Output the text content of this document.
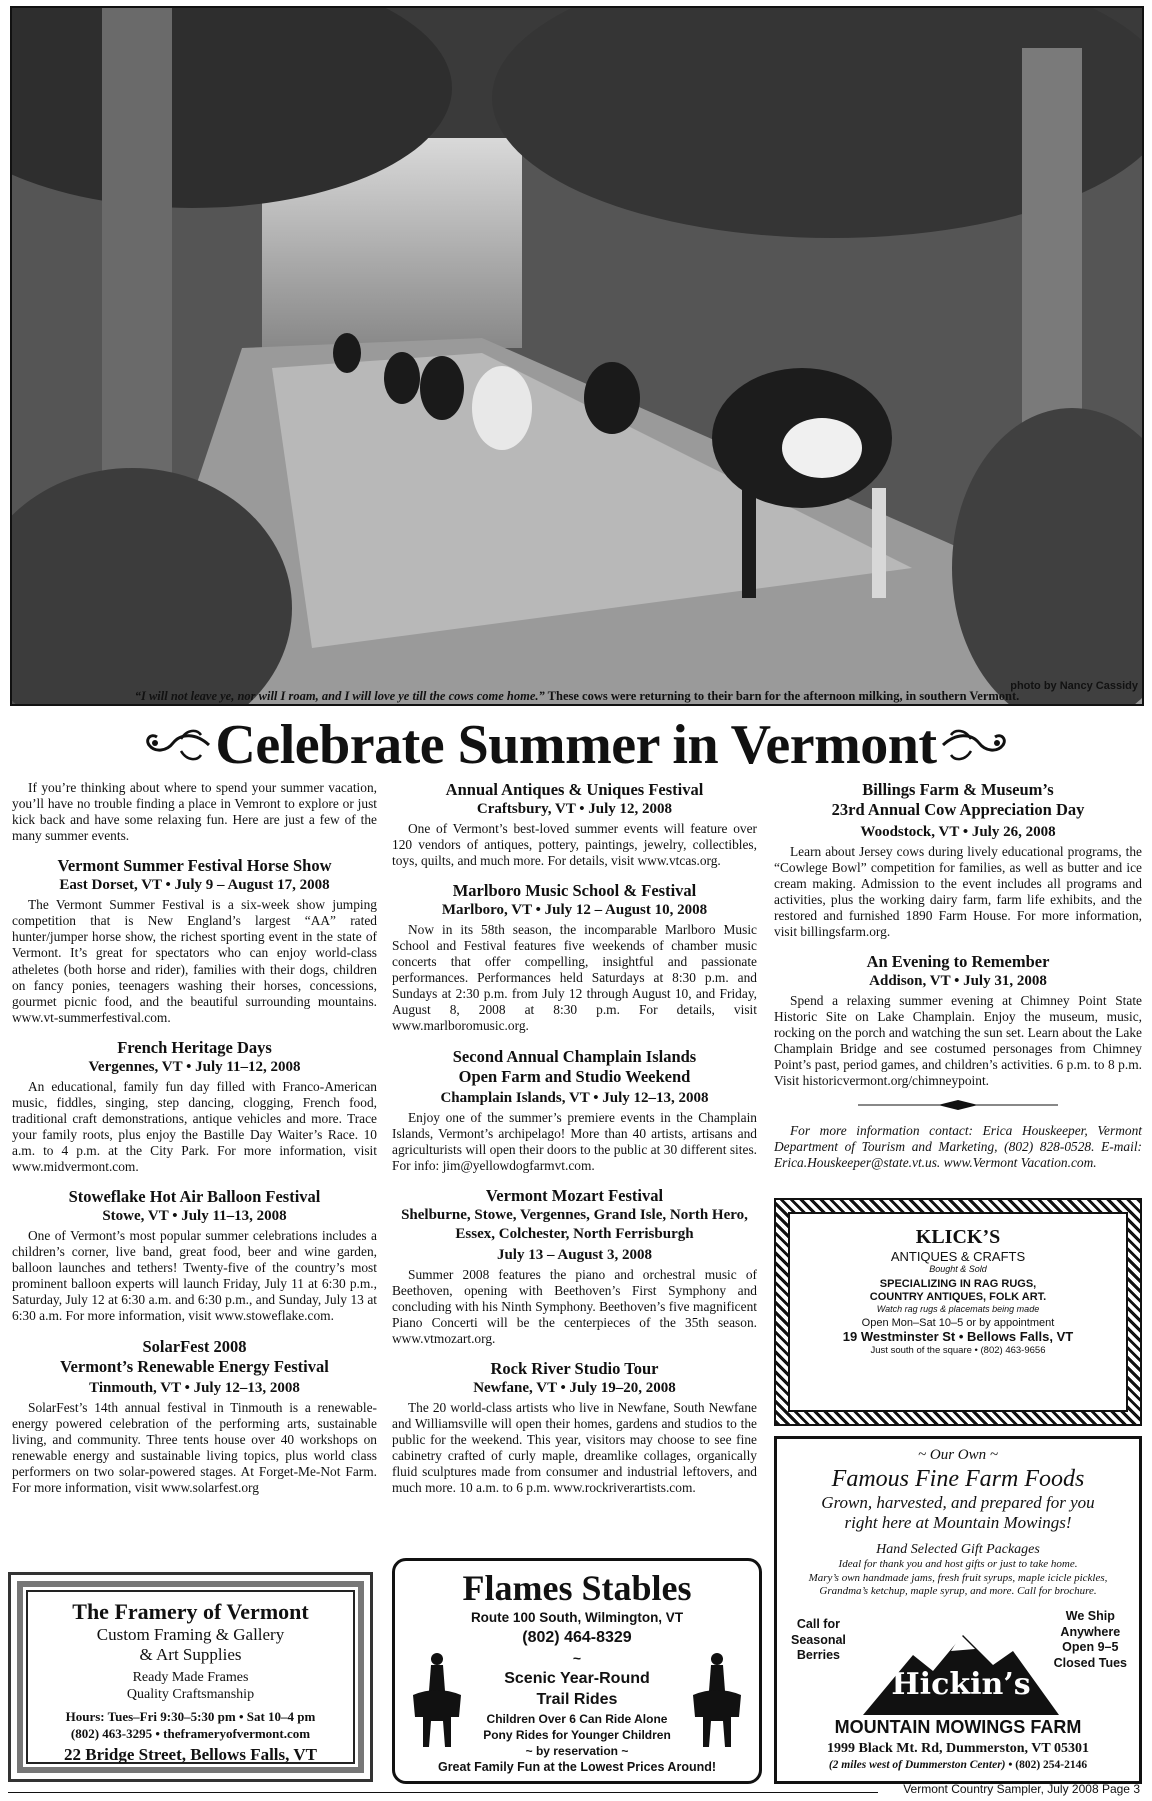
photo by Nancy Cassidy
“I will not leave ye, nor will I roam, and I will love ye till the cows come home.” These cows were returning to their barn for the afternoon milking, in southern Vermont.
Celebrate Summer in Vermont

If you’re thinking about where to spend your summer vacation, you’ll have no trouble finding a place in Vemront to explore or just kick back and have some relaxing fun. Here are just a few of the many summer events.

Vermont Summer Festival Horse Show
East Dorset, VT • July 9 – August 17, 2008

The Vermont Summer Festival is a six-week show jumping competition that is New England’s largest “AA” rated hunter/jumper horse show, the richest sporting event in the state of Vermont. It’s great for spectators who can enjoy world-class atheletes (both horse and rider), families with their dogs, children on fancy ponies, teenagers washing their horses, concessions, gourmet picnic food, and the beautiful surrounding mountains. www.vt-summerfestival.com.

French Heritage Days
Vergennes, VT • July 11–12, 2008

An educational, family fun day filled with Franco-American music, fiddles, singing, step dancing, clogging, French food, traditional craft demonstrations, antique vehicles and more. Trace your family roots, plus enjoy the Bastille Day Waiter’s Race. 10 a.m. to 4 p.m. at the City Park. For more information, visit www.midvermont.com.

Stoweflake Hot Air Balloon Festival
Stowe, VT • July 11–13, 2008

One of Vermont’s most popular summer celebrations includes a children’s corner, live band, great food, beer and wine garden, balloon launches and tethers! Twenty-five of the country’s most prominent balloon experts will launch Friday, July 11 at 6:30 p.m., Saturday, July 12 at 6:30 a.m. and 6:30 p.m., and Sunday, July 13 at 6:30 a.m. For more information, visit www.stoweflake.com.

SolarFest 2008
Vermont’s Renewable Energy Festival
Tinmouth, VT • July 12–13, 2008

SolarFest’s 14th annual festival in Tinmouth is a renewable-energy powered celebration of the performing arts, sustainable living, and community. Three tents house over 40 workshops on renewable energy and sustainable living topics, plus world class performers on two solar-powered stages. At Forget-Me-Not Farm. For more information, visit www.solarfest.org

Annual Antiques & Uniques Festival
Craftsbury, VT • July 12, 2008

One of Vermont’s best-loved summer events will feature over 120 vendors of antiques, pottery, paintings, jewelry, collectibles, toys, quilts, and much more. For details, visit www.vtcas.org.

Marlboro Music School & Festival
Marlboro, VT • July 12 – August 10, 2008

Now in its 58th season, the incomparable Marlboro Music School and Festival features five weekends of chamber music concerts that offer compelling, insightful and passionate performances. Performances held Saturdays at 8:30 p.m. and Sundays at 2:30 p.m. from July 12 through August 10, and Friday, August 8, 2008 at 8:30 p.m. For details, visit www.marlboromusic.org.

Second Annual Champlain Islands
Open Farm and Studio Weekend
Champlain Islands, VT • July 12–13, 2008

Enjoy one of the summer’s premiere events in the Champlain Islands, Vermont’s archipelago! More than 40 artists, artisans and agriculturists will open their doors to the public at 30 different sites. For info: jim@yellowdogfarmvt.com.

Vermont Mozart Festival
Shelburne, Stowe, Vergennes, Grand Isle, North Hero, Essex, Colchester, North Ferrisburgh
July 13 – August 3, 2008

Summer 2008 features the piano and orchestral music of Beethoven, opening with Beethoven’s First Symphony and concluding with his Ninth Symphony. Beethoven’s five magnificent Piano Concerti will be the centerpieces of the 35th season. www.vtmozart.org.

Rock River Studio Tour
Newfane, VT • July 19–20, 2008

The 20 world-class artists who live in Newfane, South Newfane and Williamsville will open their homes, gardens and studios to the public for the weekend. This year, visitors may choose to see fine cabinetry crafted of curly maple, dreamlike collages, organically fluid sculptures made from consumer and industrial leftovers, and much more. 10 a.m. to 6 p.m. www.rockriverartists.com.

Billings Farm & Museum’s
23rd Annual Cow Appreciation Day
Woodstock, VT • July 26, 2008

Learn about Jersey cows during lively educational programs, the “Cowlege Bowl” competition for families, as well as butter and ice cream making. Admission to the event includes all programs and activities, plus the working dairy farm, farm life exhibits, and the restored and furnished 1890 Farm House. For more information, visit billingsfarm.org.

An Evening to Remember
Addison, VT • July 31, 2008

Spend a relaxing summer evening at Chimney Point State Historic Site on Lake Champlain. Enjoy the museum, music, rocking on the porch and watching the sun set. Learn about the Lake Champlain Bridge and see costumed personages from Chimney Point’s past, period games, and children’s activities. 6 p.m. to 8 p.m. Visit historicvermont.org/chimneypoint.

For more information contact: Erica Houskeeper, Vermont Department of Tourism and Marketing, (802) 828-0528. E-mail: Erica.Houskeeper@state.vt.us. www.Vermont Vacation.com.

KLICK’S
ANTIQUES & CRAFTS
Bought & Sold
SPECIALIZING IN RAG RUGS,
COUNTRY ANTIQUES, FOLK ART.
Watch rag rugs & placemats being made
Open Mon–Sat 10–5 or by appointment
19 Westminster St • Bellows Falls, VT
Just south of the square • (802) 463-9656
~ Our Own ~
Famous Fine Farm Foods
Grown, harvested, and prepared for you
right here at Mountain Mowings!
Hand Selected Gift Packages
Ideal for thank you and host gifts or just to take home.
Mary’s own handmade jams, fresh fruit syrups, maple icicle pickles,
Grandma’s ketchup, maple syrup, and more. Call for brochure.
Call for
Seasonal
Berries
We Ship
Anywhere
Open 9–5
Closed Tues
Hickin’s
MOUNTAIN MOWINGS FARM
1999 Black Mt. Rd, Dummerston, VT 05301
(2 miles west of Dummerston Center) • (802) 254-2146
The Framery of Vermont
Custom Framing & Gallery
& Art Supplies
Ready Made Frames
Quality Craftsmanship
Hours: Tues–Fri 9:30–5:30 pm • Sat 10–4 pm
(802) 463-3295 • theframeryofvermont.com
22 Bridge Street, Bellows Falls, VT
Flames Stables
Route 100 South, Wilmington, VT
(802) 464-8329
~
Scenic Year-Round
Trail Rides
Children Over 6 Can Ride Alone
Pony Rides for Younger Children
~ by reservation ~
Great Family Fun at the Lowest Prices Around!
Vermont Country Sampler, July 2008 Page 3
